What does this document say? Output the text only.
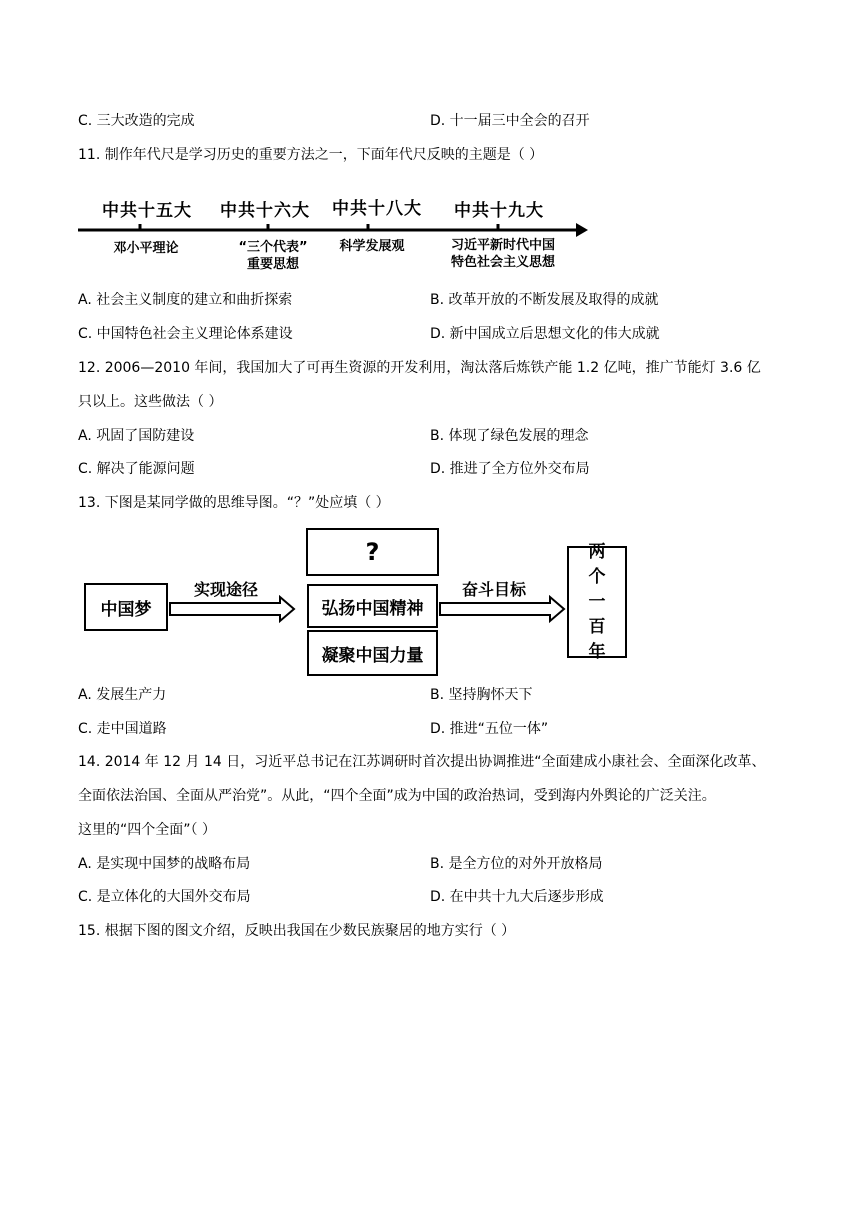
C. 三大改造的完成	D. 十一届三中全会的召开
11. 制作年代尺是学习历史的重要方法之一，下面年代尺反映的主题是（ ）
中共十五大 中共十六大 中共十八大 中共十九大
邓小平理论	“三个代表”
重要思想
科学发展观	习近平新时代中国
特色社会主义思想
A. 社会主义制度的建立和曲折探索	B. 改革开放的不断发展及取得的成就
C. 中国特色社会主义理论体系建设	D. 新中国成立后思想文化的伟大成就
12. 2006—2010 年间，我国加大了可再生资源的开发利用，淘汰落后炼铁产能 1.2 亿吨，推广节能灯 3.6 亿
只以上。这些做法（ ）
A. 巩固了国防建设	B. 体现了绿色发展的理念
C. 解决了能源问题	D. 推进了全方位外交布局
13. 下图是某同学做的思维导图。“？”处应填（ ）
中国梦
实现途径
?
弘扬中国精神
凝聚中国力量
奋斗目标
两
个
一
百
年
A. 发展生产力	B. 坚持胸怀天下
C. 走中国道路	D. 推进“五位一体”
14. 2014 年 12 月 14 日，习近平总书记在江苏调研时首次提出协调推进“全面建成小康社会、全面深化改革、
全面依法治国、全面从严治党”。从此，“四个全面”成为中国的政治热词，受到海内外舆论的广泛关注。
这里的“四个全面”（ ）
A. 是实现中国梦的战略布局	B. 是全方位的对外开放格局
C. 是立体化的大国外交布局	D. 在中共十九大后逐步形成
15. 根据下图的图文介绍，反映出我国在少数民族聚居的地方实行（ ）
